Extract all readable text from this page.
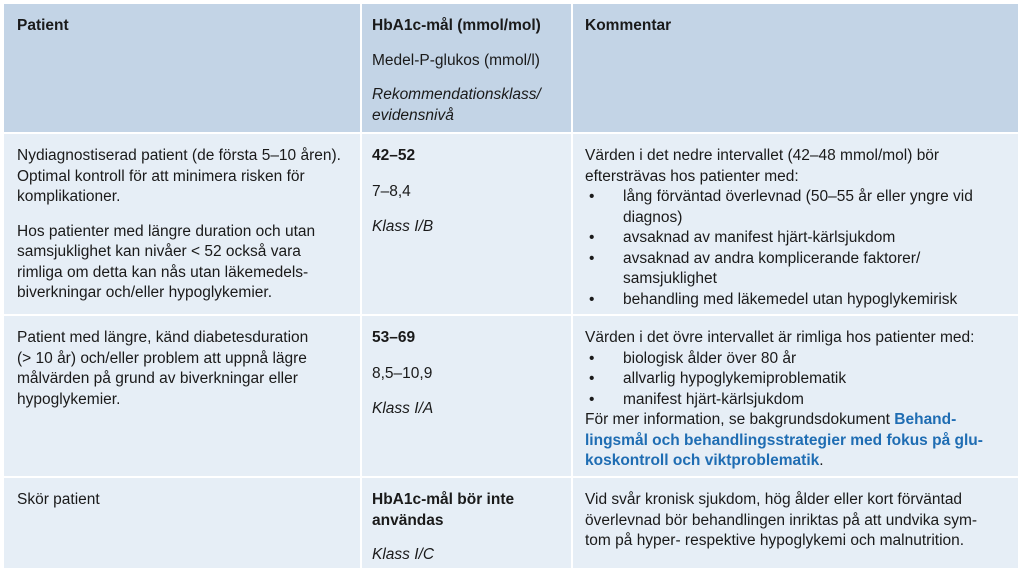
Patient	HbA1c-mål (mmol/mol)

Medel-P-glukos (mmol/l)

Rekommendationsklass/

evidensnivå

Kommentar

Nydiagnostiserad patient (de första 5–10 åren).

Optimal kontroll för att minimera risken för

komplikationer.

Hos patienter med längre duration och utan

samsjuklighet kan nivåer < 52 också vara

rimliga om detta kan nås utan läkemedels-

biverkningar och/eller hypoglykemier.

42–52

7–8,4

Klass I/B

Värden i det nedre intervallet (42–48 mmol/mol) bör

eftersträvas hos patienter med:

• lång förväntad överlevnad (50–55 år eller yngre vid
diagnos)
• avsaknad av manifest hjärt-kärlsjukdom
• avsaknad av andra komplicerande faktorer/
samsjuklighet
• behandling med läkemedel utan hypoglykemirisk

Patient med längre, känd diabetesduration

(> 10 år) och/eller problem att uppnå lägre

målvärden på grund av biverkningar eller

hypoglykemier.

53–69

8,5–10,9

Klass I/A

Värden i det övre intervallet är rimliga hos patienter med:

• biologisk ålder över 80 år
• allvarlig hypoglykemiproblematik
• manifest hjärt-kärlsjukdom

För mer information, se bakgrundsdokument Behand-
lingsmål och behandlingsstrategier med fokus på glu-
koskontroll och viktproblematik.

Skör patient	HbA1c-mål bör inte

användas

Klass I/C

Vid svår kronisk sjukdom, hög ålder eller kort förväntad

överlevnad bör behandlingen inriktas på att undvika sym-

tom på hyper- respektive hypoglykemi och malnutrition.
